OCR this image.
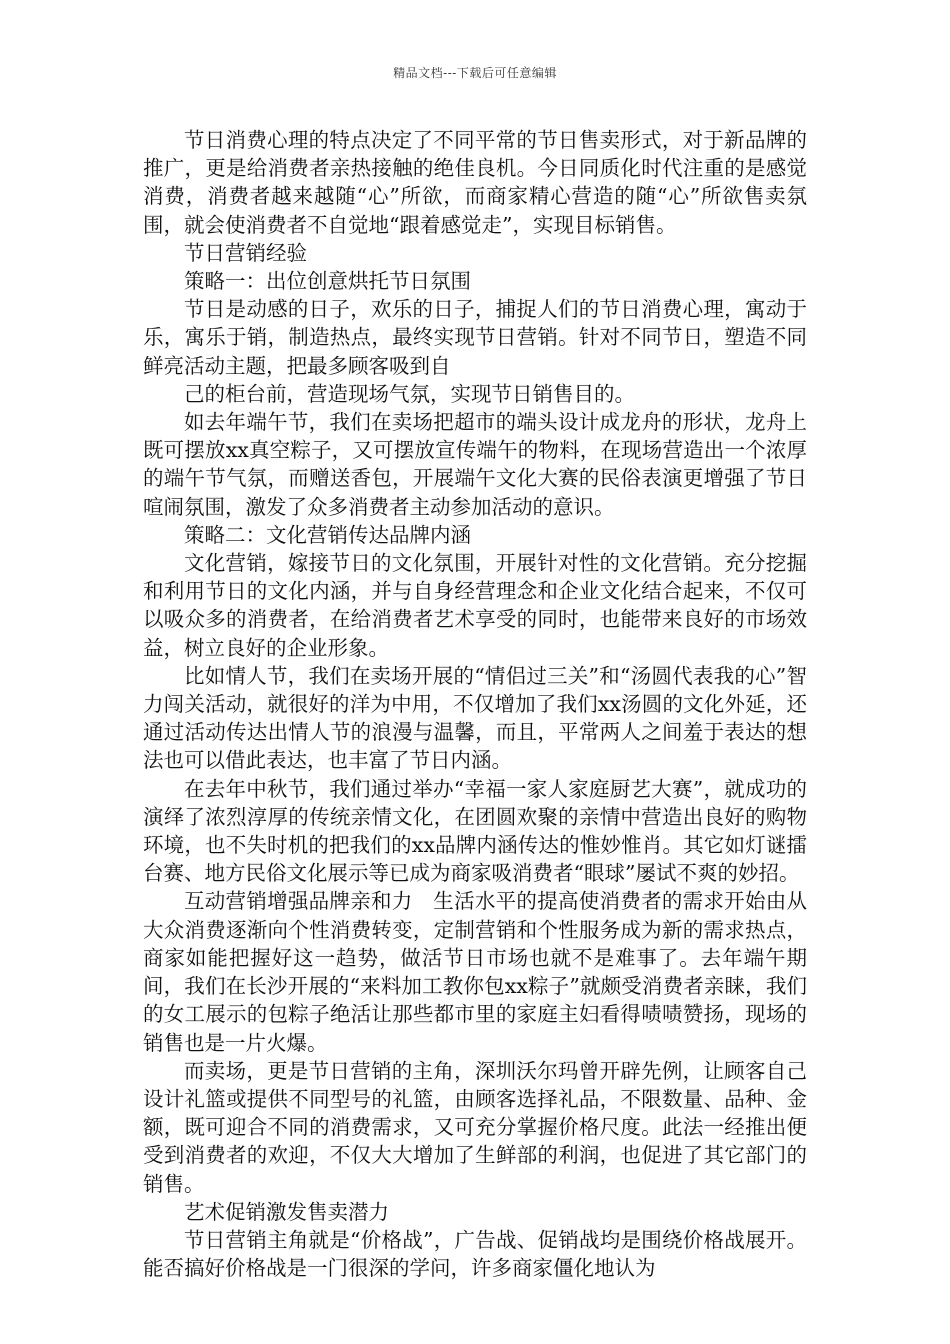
精品文档---下载后可任意编辑

节日消费心理的特点决定了不同平常的节日售卖形式，对于新品牌的推广，更是给消费者亲热接触的绝佳良机。今日同质化时代注重的是感觉消费，消费者越来越随“心”所欲，而商家精心营造的随“心”所欲售卖氛围，就会使消费者不自觉地“跟着感觉走”，实现目标销售。

节日营销经验

策略一：出位创意烘托节日氛围

节日是动感的日子，欢乐的日子，捕捉人们的节日消费心理，寓动于乐，寓乐于销，制造热点，最终实现节日营销。针对不同节日，塑造不同鲜亮活动主题，把最多顾客吸到自

己的柜台前，营造现场气氛，实现节日销售目的。

如去年端午节，我们在卖场把超市的端头设计成龙舟的形状，龙舟上既可摆放xx真空粽子，又可摆放宣传端午的物料，在现场营造出一个浓厚的端午节气氛，而赠送香包，开展端午文化大赛的民俗表演更增强了节日喧闹氛围，激发了众多消费者主动参加活动的意识。

策略二：文化营销传达品牌内涵

文化营销，嫁接节日的文化氛围，开展针对性的文化营销。充分挖掘和利用节日的文化内涵，并与自身经营理念和企业文化结合起来，不仅可以吸众多的消费者，在给消费者艺术享受的同时，也能带来良好的市场效益，树立良好的企业形象。

比如情人节，我们在卖场开展的“情侣过三关”和“汤圆代表我的心”智力闯关活动，就很好的洋为中用，不仅增加了我们xx汤圆的文化外延，还通过活动传达出情人节的浪漫与温馨，而且，平常两人之间羞于表达的想法也可以借此表达，也丰富了节日内涵。

在去年中秋节，我们通过举办“幸福一家人家庭厨艺大赛”，就成功的演绎了浓烈淳厚的传统亲情文化，在团圆欢聚的亲情中营造出良好的购物环境，也不失时机的把我们的xx品牌内涵传达的惟妙惟肖。其它如灯谜擂台赛、地方民俗文化展示等已成为商家吸消费者“眼球”屡试不爽的妙招。

互动营销增强品牌亲和力　生活水平的提高使消费者的需求开始由从大众消费逐渐向个性消费转变，定制营销和个性服务成为新的需求热点，商家如能把握好这一趋势，做活节日市场也就不是难事了。去年端午期间，我们在长沙开展的“来料加工教你包xx粽子”就颇受消费者亲睐，我们的女工展示的包粽子绝活让那些都市里的家庭主妇看得啧啧赞扬，现场的销售也是一片火爆。

而卖场，更是节日营销的主角，深圳沃尔玛曾开辟先例，让顾客自己设计礼篮或提供不同型号的礼篮，由顾客选择礼品，不限数量、品种、金额，既可迎合不同的消费需求，又可充分掌握价格尺度。此法一经推出便受到消费者的欢迎，不仅大大增加了生鲜部的利润，也促进了其它部门的销售。

艺术促销激发售卖潜力

节日营销主角就是“价格战”，广告战、促销战均是围绕价格战展开。能否搞好价格战是一门很深的学问，许多商家僵化地认为
